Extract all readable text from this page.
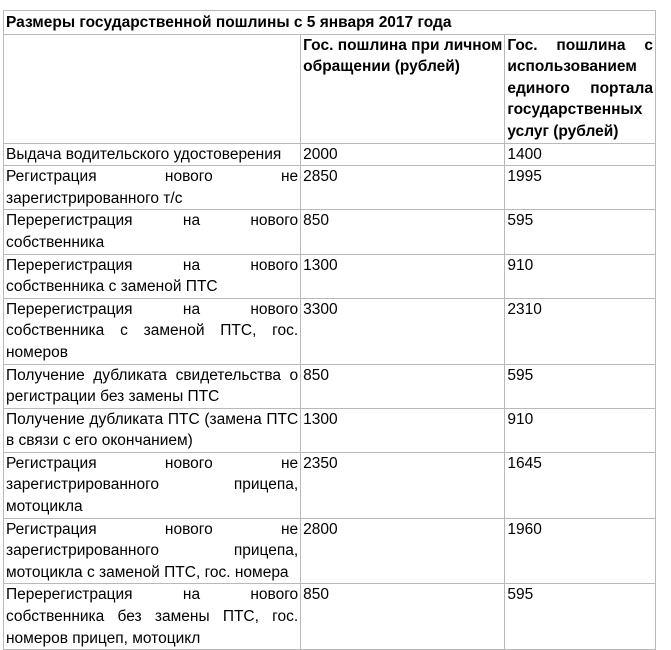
Размеры государственной пошлины с 5 января 2017 года		
	Гос. пошлина при личном обращении (рублей)	Гос. пошлина с использованием единого портала государственных услуг (рублей)
Выдача водительского удостоверения	2000	1400
Регистрация нового не зарегистрированного т/с	2850	1995
Перерегистрация на нового собственника	850	595
Перерегистрация на нового собственника с заменой ПТС	1300	910
Перерегистрация на нового собственника с заменой ПТС, гос. номеров	3300	2310
Получение дубликата свидетельства о регистрации без замены ПТС	850	595
Получение дубликата ПТС (замена ПТС в связи с его окончанием)	1300	910
Регистрация нового не зарегистрированного прицепа, мотоцикла	2350	1645
Регистрация нового не зарегистрированного прицепа, мотоцикла с заменой ПТС, гос. номера	2800	1960
Перерегистрация на нового собственника без замены ПТС, гос. номеров прицеп, мотоцикл	850	595
